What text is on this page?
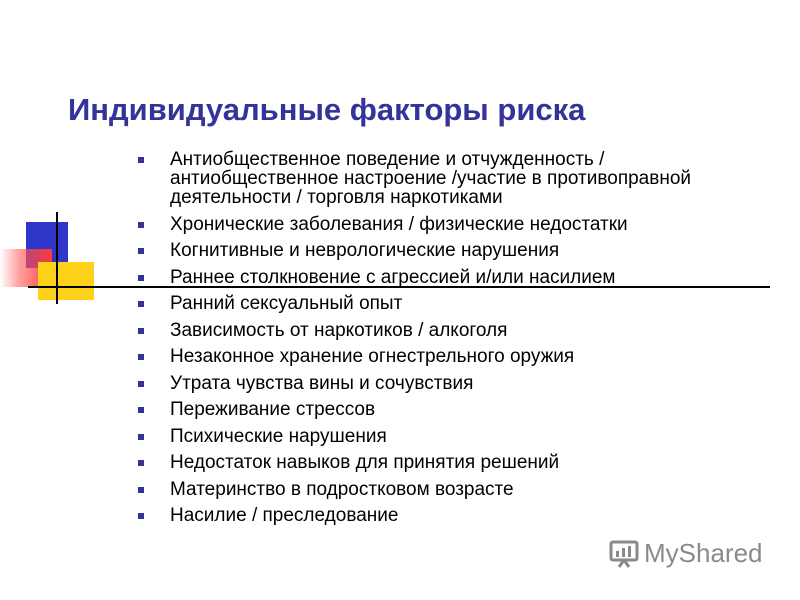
Индивидуальные факторы риска
Антиобщественное поведение и отчужденность / антиобщественное настроение /участие в противоправной деятельности / торговля наркотиками
Хронические заболевания / физические недостатки
Когнитивные и неврологические нарушения
Раннее столкновение с агрессией и/или насилием
Ранний сексуальный опыт
Зависимость от наркотиков / алкоголя
Незаконное хранение огнестрельного оружия
Утрата чувства вины и сочувствия
Переживание стрессов
Психические нарушения
Недостаток навыков для принятия решений
Материнство в подростковом возрасте
Насилие / преследование
MyShared
